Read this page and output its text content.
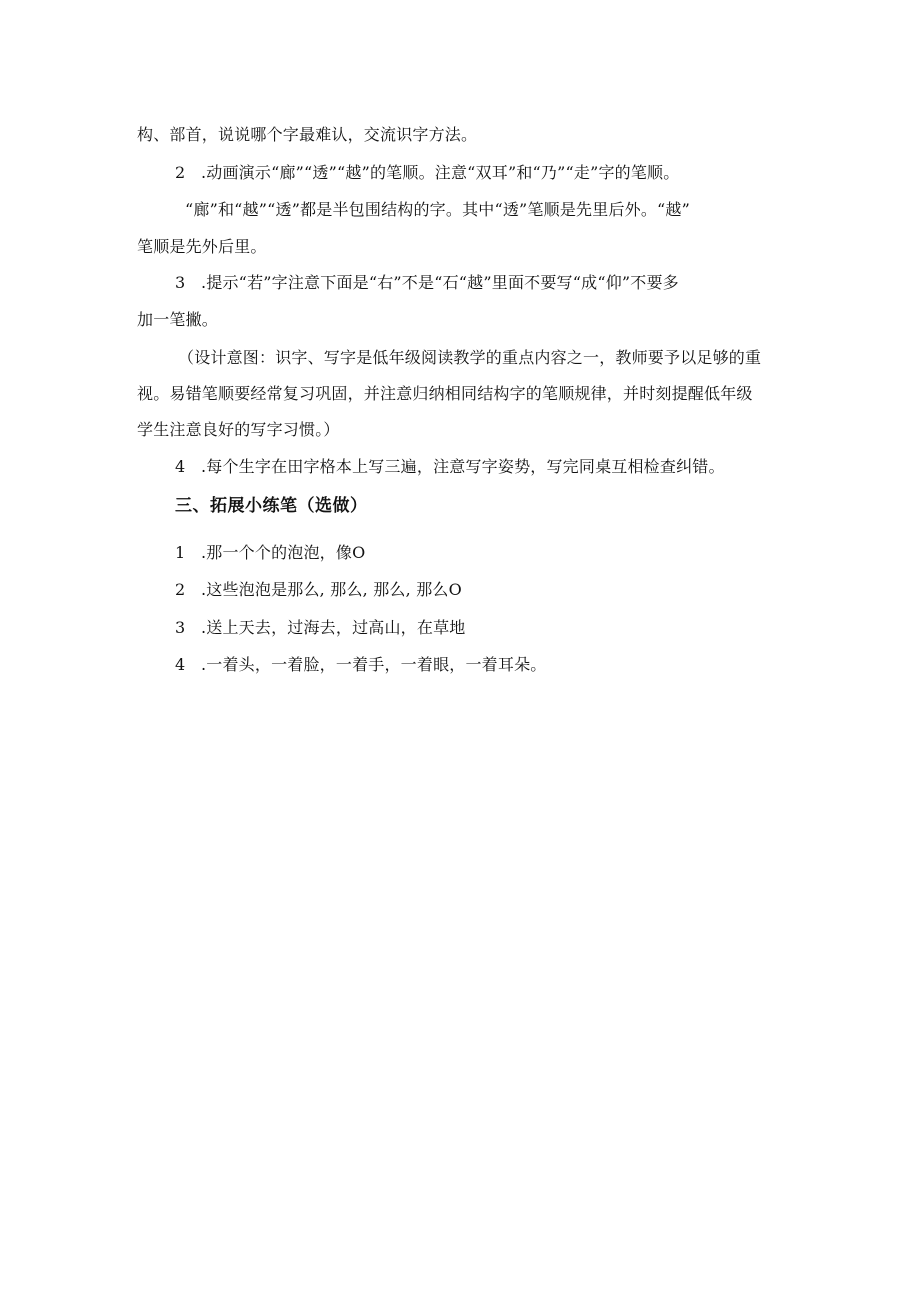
构、部首，说说哪个字最难认，交流识字方法。
2 .动画演示“廊”“透”“越”的笔顺。注意“双耳”和“乃”“走”字的笔顺。
“廊”和“越”“透”都是半包围结构的字。其中“透”笔顺是先里后外。“越”
笔顺是先外后里。
3 .提示“若”字注意下面是“右”不是“石“越”里面不要写“成“仰”不要多
加一笔撇。
（设计意图：识字、写字是低年级阅读教学的重点内容之一，教师要予以足够的重
视。易错笔顺要经常复习巩固，并注意归纳相同结构字的笔顺规律，并时刻提醒低年级
学生注意良好的写字习惯。）
4 .每个生字在田字格本上写三遍，注意写字姿势，写完同桌互相检查纠错。
三、拓展小练笔（选做）
1 .那一个个的泡泡，像O
2 .这些泡泡是那么, 那么, 那么, 那么O
3 .送上天去，过海去，过高山，在草地
4 .一着头，一着脸，一着手，一着眼，一着耳朵。
